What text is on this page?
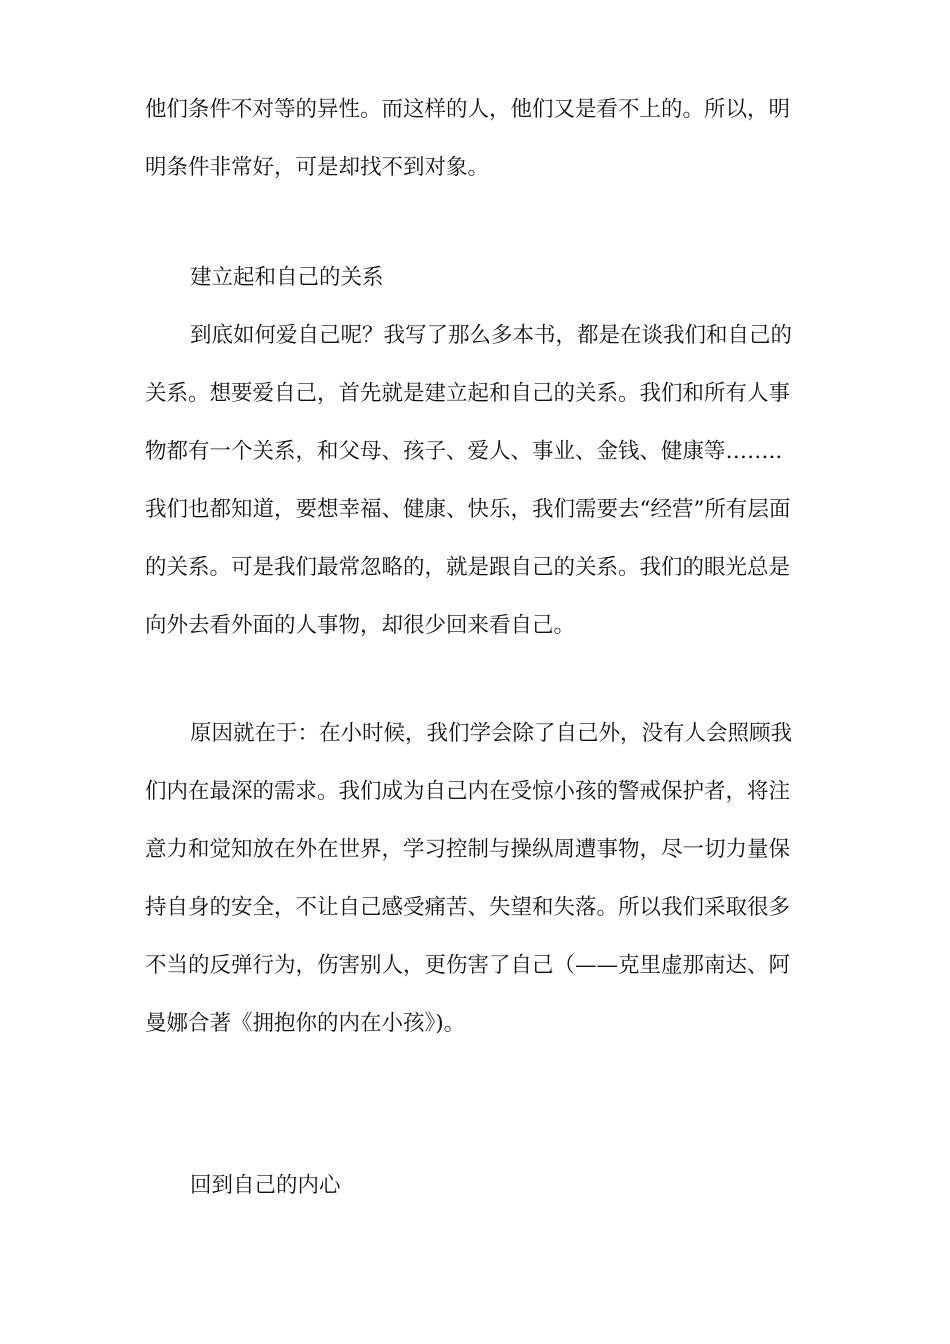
他们条件不对等的异性。而这样的人，他们又是看不上的。所以，明

明条件非常好，可是却找不到对象。

建立起和自己的关系

到底如何爱自己呢？我写了那么多本书，都是在谈我们和自己的

关系。想要爱自己，首先就是建立起和自己的关系。我们和所有人事

物都有一个关系，和父母、孩子、爱人、事业、金钱、健康等……..

我们也都知道，要想幸福、健康、快乐，我们需要去“经营”所有层面

的关系。可是我们最常忽略的，就是跟自己的关系。我们的眼光总是

向外去看外面的人事物，却很少回来看自己。

原因就在于：在小时候，我们学会除了自己外，没有人会照顾我

们内在最深的需求。我们成为自己内在受惊小孩的警戒保护者，将注

意力和觉知放在外在世界，学习控制与操纵周遭事物，尽一切力量保

持自身的安全，不让自己感受痛苦、失望和失落。所以我们采取很多

不当的反弹行为，伤害别人，更伤害了自己（——克里虚那南达、阿

曼娜合著《拥抱你的内在小孩》)。

回到自己的内心
